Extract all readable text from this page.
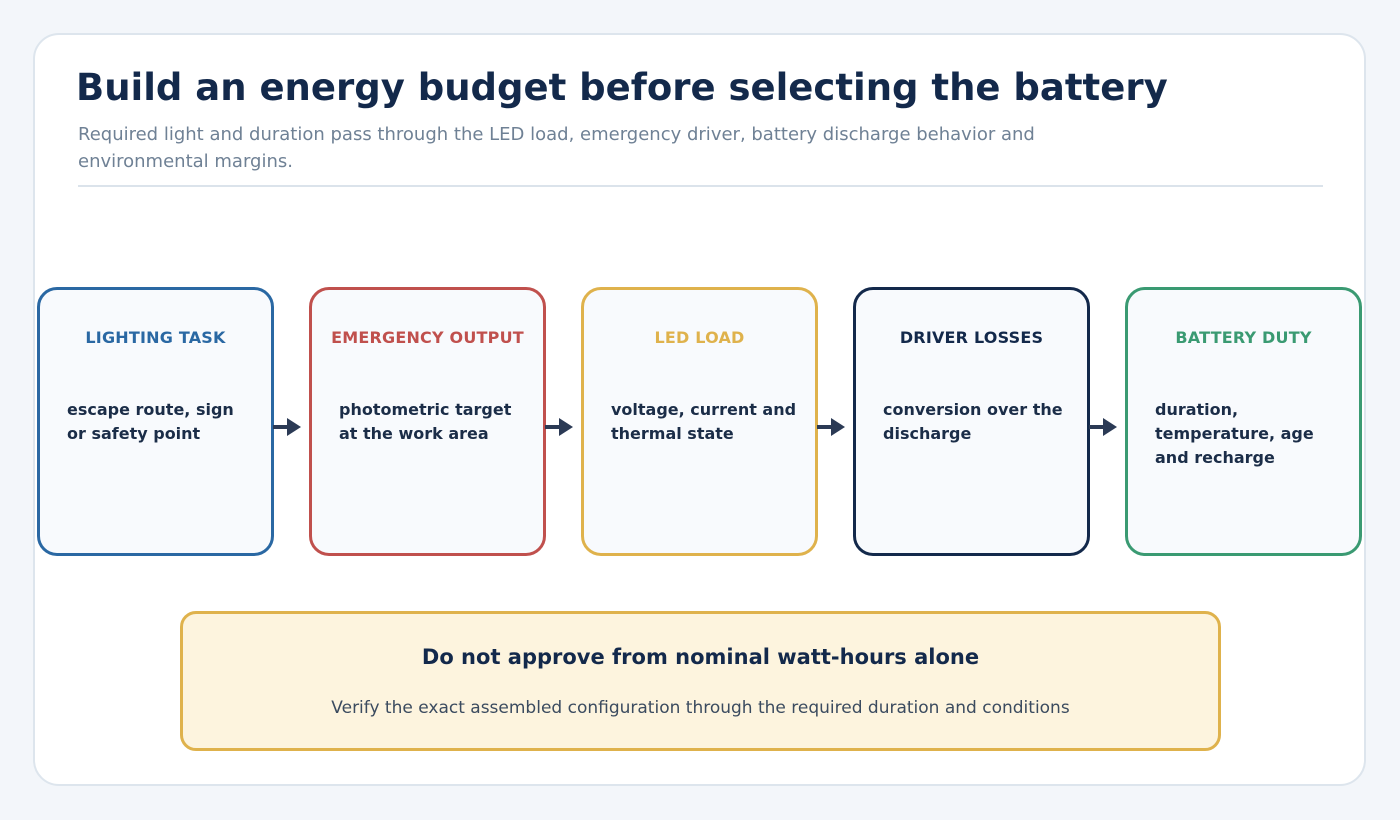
Build an energy budget before selecting the battery
Required light and duration pass through the LED load, emergency driver, battery discharge behavior and environmental margins.
LIGHTING TASK
escape route, sign or safety point
EMERGENCY OUTPUT
photometric target at the work area
LED LOAD
voltage, current and thermal state
DRIVER LOSSES
conversion over the discharge
BATTERY DUTY
duration, temperature, age and recharge
Do not approve from nominal watt-hours alone
Verify the exact assembled configuration through the required duration and conditions
